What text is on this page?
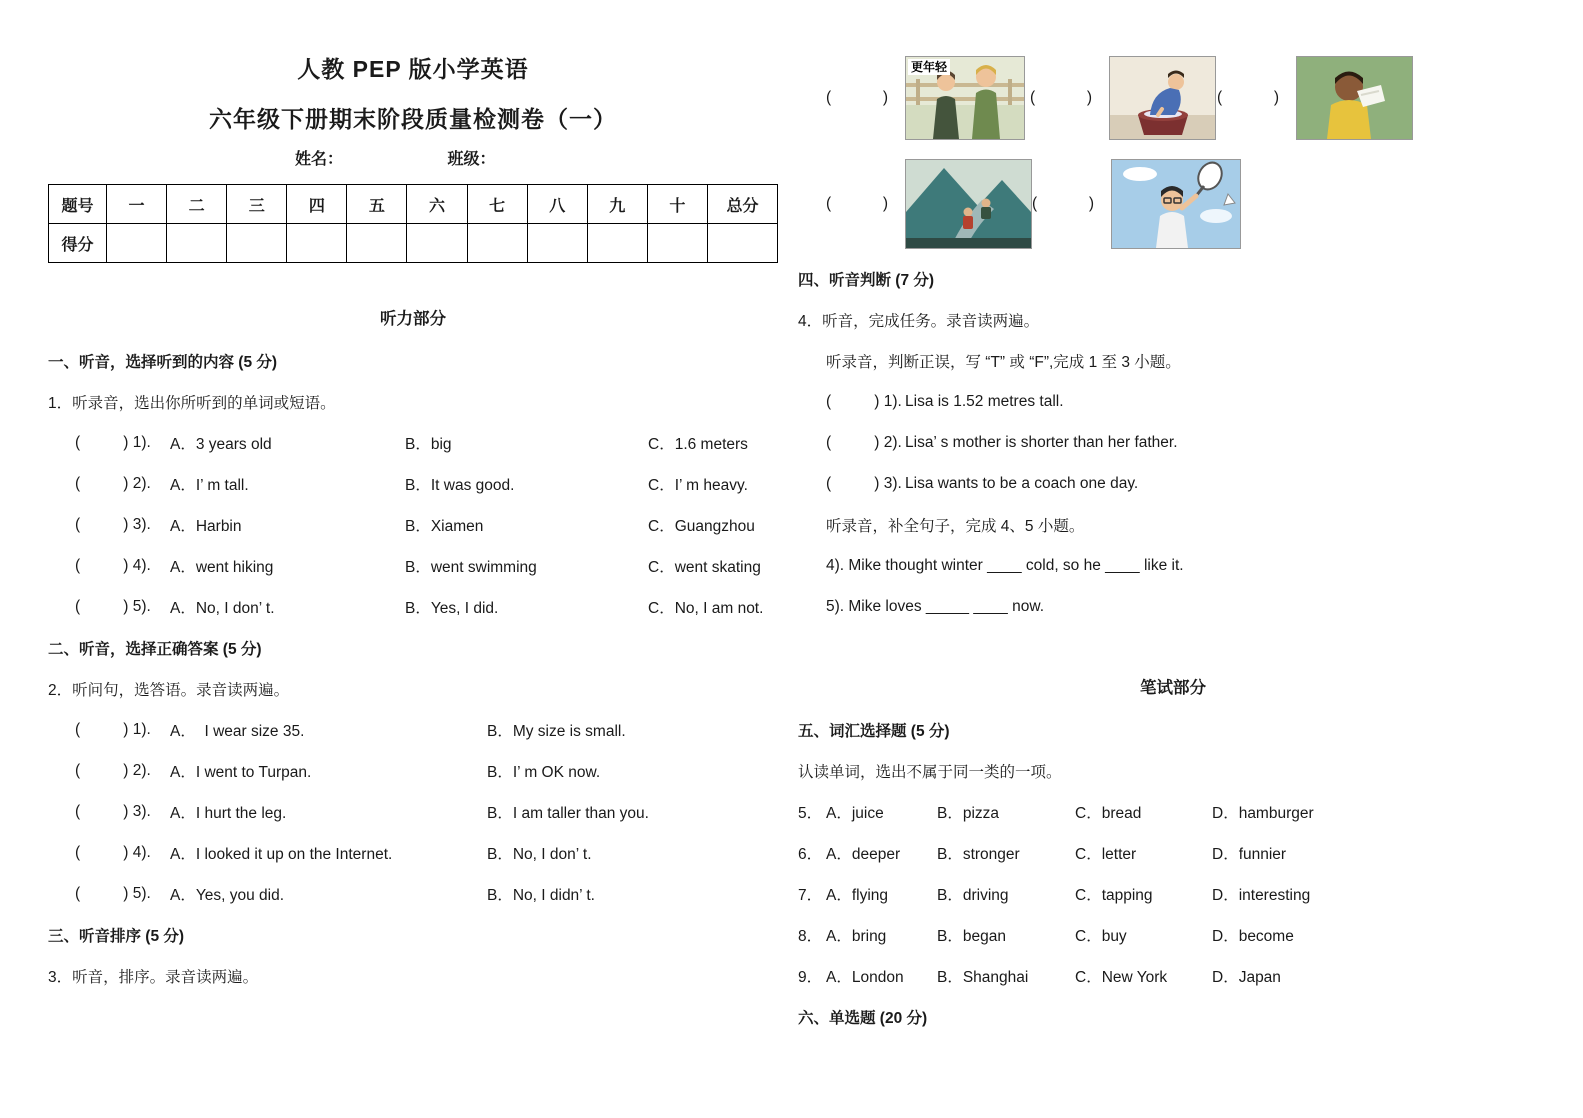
人教 PEP 版小学英语
六年级下册期末阶段质量检测卷（一）
姓名：	班级：
题号	一	二	三	四	五	六	七	八	九	十	总分
得分											
听力部分
一、听音，选择听到的内容 (5 分)
1．听录音，选出你所听到的单词或短语。
(          ) 1).	A．3 years old	B．big	C．1.6 meters
(          ) 2).	A．I’ m tall.	B．It was good.	C．I’ m heavy.
(          ) 3).	A．Harbin	B．Xiamen	C．Guangzhou
(          ) 4).	A．went hiking	B．went swimming	C．went skating
(          ) 5).	A．No, I don’ t.	B．Yes, I did.	C．No, I am not.
二、听音，选择正确答案 (5 分)
2．听问句，选答语。录音读两遍。
(          ) 1).	A．  I wear size 35.	B．My size is small.
(          ) 2).	A．I went to Turpan.	B．I’ m OK now.
(          ) 3).	A．I hurt the leg.	B．I am taller than you.
(          ) 4).	A．I looked it up on the Internet.	B．No, I don’ t.
(          ) 5).	A．Yes, you did.	B．No, I didn’ t.
三、听音排序 (5 分)
3．听音，排序。录音读两遍。
(            )
更年轻
(            )	(            )
(            )	(            )
四、听音判断 (7 分)
4．听音，完成任务。录音读两遍。
听录音，判断正误，写 “T” 或 “F”,完成 1 至 3 小题。
(          ) 1). Lisa is 1.52 metres tall.
(          ) 2). Lisa’ s mother is shorter than her father.
(          ) 3). Lisa wants to be a coach one day.
听录音，补全句子，完成 4、5 小题。
4). Mike thought winter ____ cold, so he ____ like it.
5). Mike loves _____ ____ now.
笔试部分
五、词汇选择题 (5 分)
认读单词，选出不属于同一类的一项。
5． A．juice	B．pizza	C．bread	D．hamburger
6． A．deeper	B．stronger	C．letter	D．funnier
7． A．flying	B．driving	C．tapping	D．interesting
8． A．bring	B．began	C．buy	D．become
9． A．London	B．Shanghai	C．New York	D．Japan
六、单选题 (20 分)
